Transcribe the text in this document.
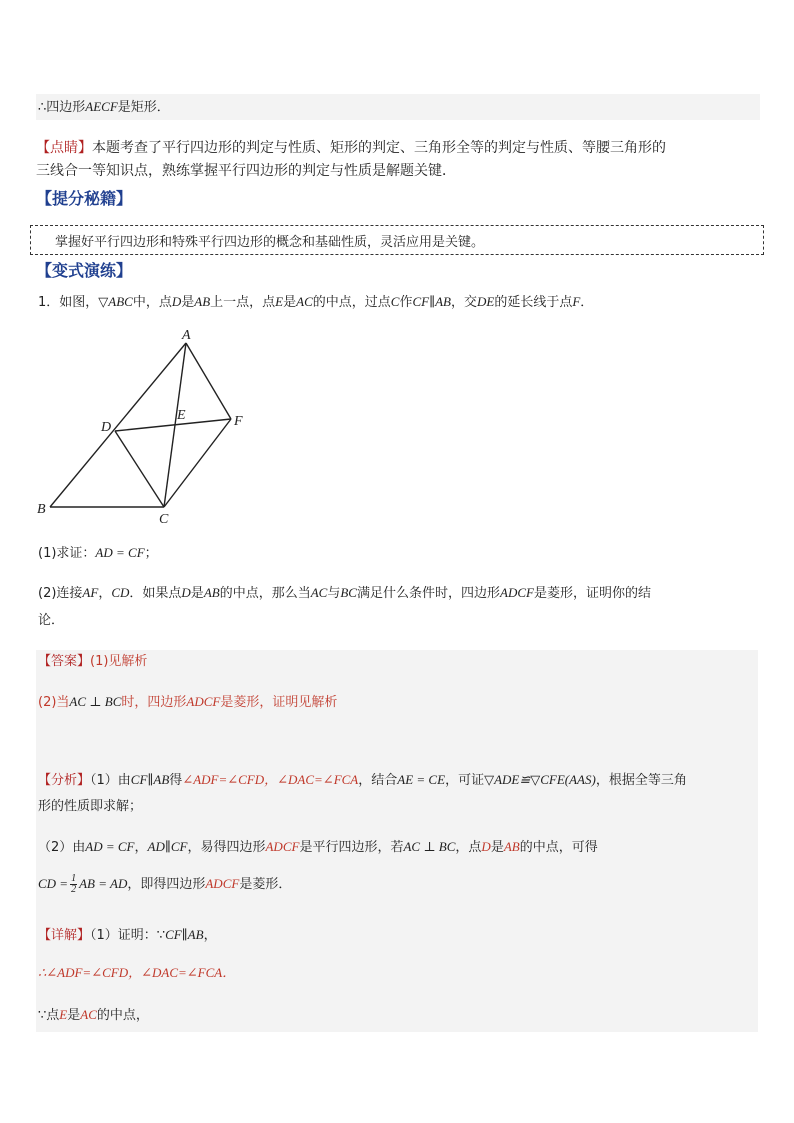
∴四边形AECF是矩形．
【点睛】本题考查了平行四边形的判定与性质、矩形的判定、三角形全等的判定与性质、等腰三角形的
三线合一等知识点，熟练掌握平行四边形的判定与性质是解题关键．
【提分秘籍】
掌握好平行四边形和特殊平行四边形的概念和基础性质，灵活应用是关键。
【变式演练】
1．如图，▽ABC中，点D是AB上一点，点E是AC的中点，过点C作CF∥AB，交DE的延长线于点F．
A
B
C
D
E	F
(1)求证：AD = CF；
(2)连接AF，CD．如果点D是AB的中点，那么当AC与BC满足什么条件时，四边形ADCF是菱形，证明你的结
论．
【答案】(1)见解析
(2)当AC ⊥ BC时，四边形ADCF是菱形，证明见解析
【分析】（1）由CF∥AB得∠ADF=∠CFD，∠DAC=∠FCA，结合AE = CE，可证▽ADE≌▽CFE(AAS)，根据全等三角
形的性质即求解；
（2）由AD = CF，AD∥CF，易得四边形ADCF是平行四边形，若AC ⊥ BC，点D是AB的中点，可得
CD = $\frac{1}{2}$ AB = AD，即得四边形ADCF是菱形．
【详解】（1）证明：∵CF∥AB，
∴∠ADF=∠CFD，∠DAC=∠FCA．
∵点E是AC的中点，
